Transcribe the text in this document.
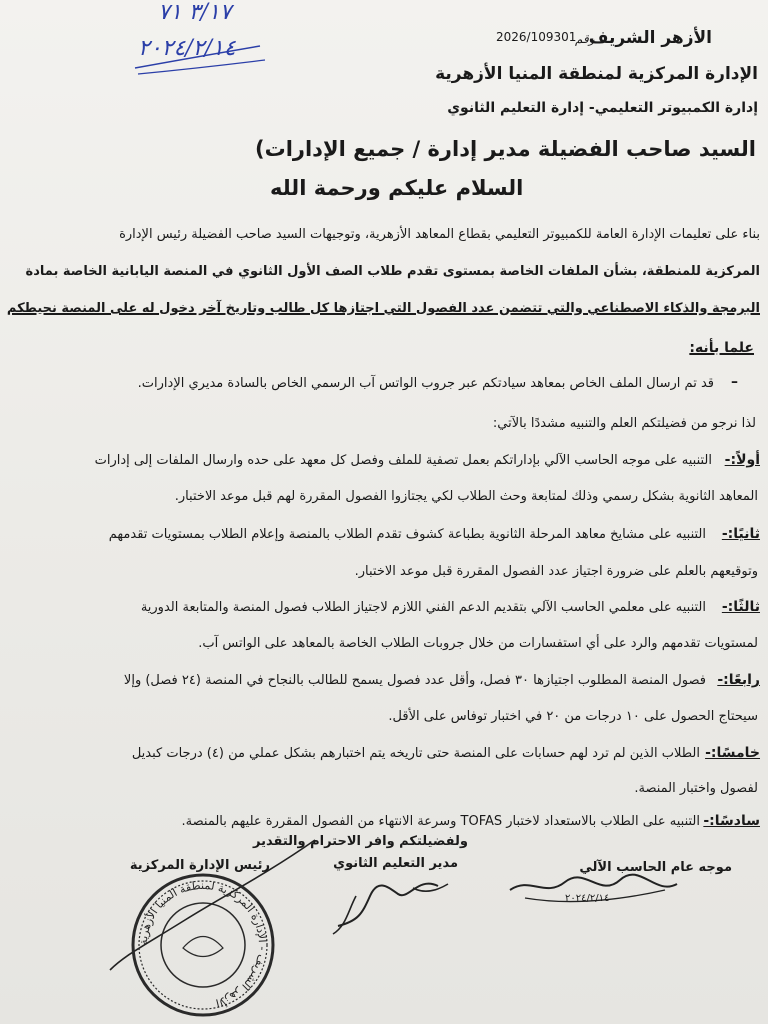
٣/١٧ ٧١
٢٠٢٤/٢/١٤	الأزهر الشريف
2026/109301
رقم
الإدارة المركزية لمنطقة المنيا الأزهرية
إدارة الكمبيوتر التعليمي- إدارة التعليم الثانوي
السيد صاحب الفضيلة مدير إدارة / جميع الإدارات)
السلام عليكم ورحمة الله
بناء على تعليمات الإدارة العامة للكمبيوتر التعليمي بقطاع المعاهد الأزهرية، وتوجيهات السيد صاحب الفضيلة رئيس الإدارة
المركزية للمنطقة، بشأن الملفات الخاصة بمستوى تقدم طلاب الصف الأول الثانوي في المنصة اليابانية الخاصة بمادة
البرمجة والذكاء الاصطناعي والتي تتضمن عدد الفصول التي اجتازها كل طالب وتاريخ آخر دخول له على المنصة نحيطكم
علما بأنه:
–
قد تم ارسال الملف الخاص بمعاهد سيادتكم عبر جروب الواتس آب الرسمي الخاص بالسادة مديري الإدارات.
لذا نرجو من فضيلتكم العلم والتنبيه مشددًا بالآتي:
أولاً:-
التنبيه على موجه الحاسب الآلي بإداراتكم بعمل تصفية للملف وفصل كل معهد على حده وارسال الملفات إلى إدارات
المعاهد الثانوية بشكل رسمي وذلك لمتابعة وحث الطلاب لكي يجتازوا الفصول المقررة لهم قبل موعد الاختبار.
ثانيًا:-
التنبيه على مشايخ معاهد المرحلة الثانوية بطباعة كشوف تقدم الطلاب بالمنصة وإعلام الطلاب بمستويات تقدمهم
وتوقيعهم بالعلم على ضرورة اجتياز عدد الفصول المقررة قبل موعد الاختبار.
ثالثًا:-
التنبيه على معلمي الحاسب الآلي بتقديم الدعم الفني اللازم لاجتياز الطلاب فصول المنصة والمتابعة الدورية
لمستويات تقدمهم والرد على أي استفسارات من خلال جروبات الطلاب الخاصة بالمعاهد على الواتس آب.
رابعًا:-
فصول المنصة المطلوب اجتيازها ٣٠ فصل، وأقل عدد فصول يسمح للطالب بالنجاح في المنصة (٢٤ فصل) وإلا
سيحتاج الحصول على ١٠ درجات من ٢٠ في اختبار توفاس على الأقل.
خامسًا:-
الطلاب الذين لم ترد لهم حسابات على المنصة حتى تاريخه يتم اختبارهم بشكل عملي من (٤) درجات كبديل
لفصول واختبار المنصة.
سادسًا:-
التنبيه على الطلاب بالاستعداد لاختبار TOFAS وسرعة الانتهاء من الفصول المقررة عليهم بالمنصة.
ولفضيلتكم وافر الاحترام والتقدير
موجه عام الحاسب الآلي
مدير التعليم الثانوي
رئيس الإدارة المركزية
٢٠٢٤/٢/١٤
الأزهر الشريف - الإدارة المركزية لمنطقة المنيا الأزهرية
